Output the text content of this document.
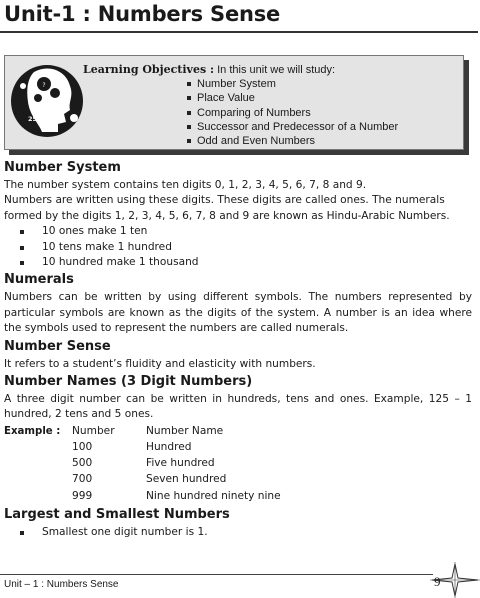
Unit-1 : Numbers Sense
?
25 X 33=
Learning Objectives : In this unit we will study:
Number System
Place Value
Comparing of Numbers
Successor and Predecessor of a Number
Odd and Even Numbers
Number System

The number system contains ten digits 0, 1, 2, 3, 4, 5, 6, 7, 8 and 9.

Numbers are written using these digits. These digits are called ones. The numerals formed by the digits 1, 2, 3, 4, 5, 6, 7, 8 and 9 are known as Hindu-Arabic Numbers.

10 ones make 1 ten
10 tens make 1 hundred
10 hundred make 1 thousand
Numerals

Numbers can be written by using different symbols. The numbers represented by particular symbols are known as the digits of the system. A number is an idea where the symbols used to represent the numbers are called numerals.

Number Sense

It refers to a student’s fluidity and elasticity with numbers.

Number Names (3 Digit Numbers)

A three digit number can be written in hundreds, tens and ones. Example, 125 – 1 hundred, 2 tens and 5 ones.

Example :	Number	Number Name
	100	Hundred
	500	Five hundred
	700	Seven hundred
	999	Nine hundred ninety nine
Largest and Smallest Numbers
Smallest one digit number is 1.
Unit – 1 : Numbers Sense	9
